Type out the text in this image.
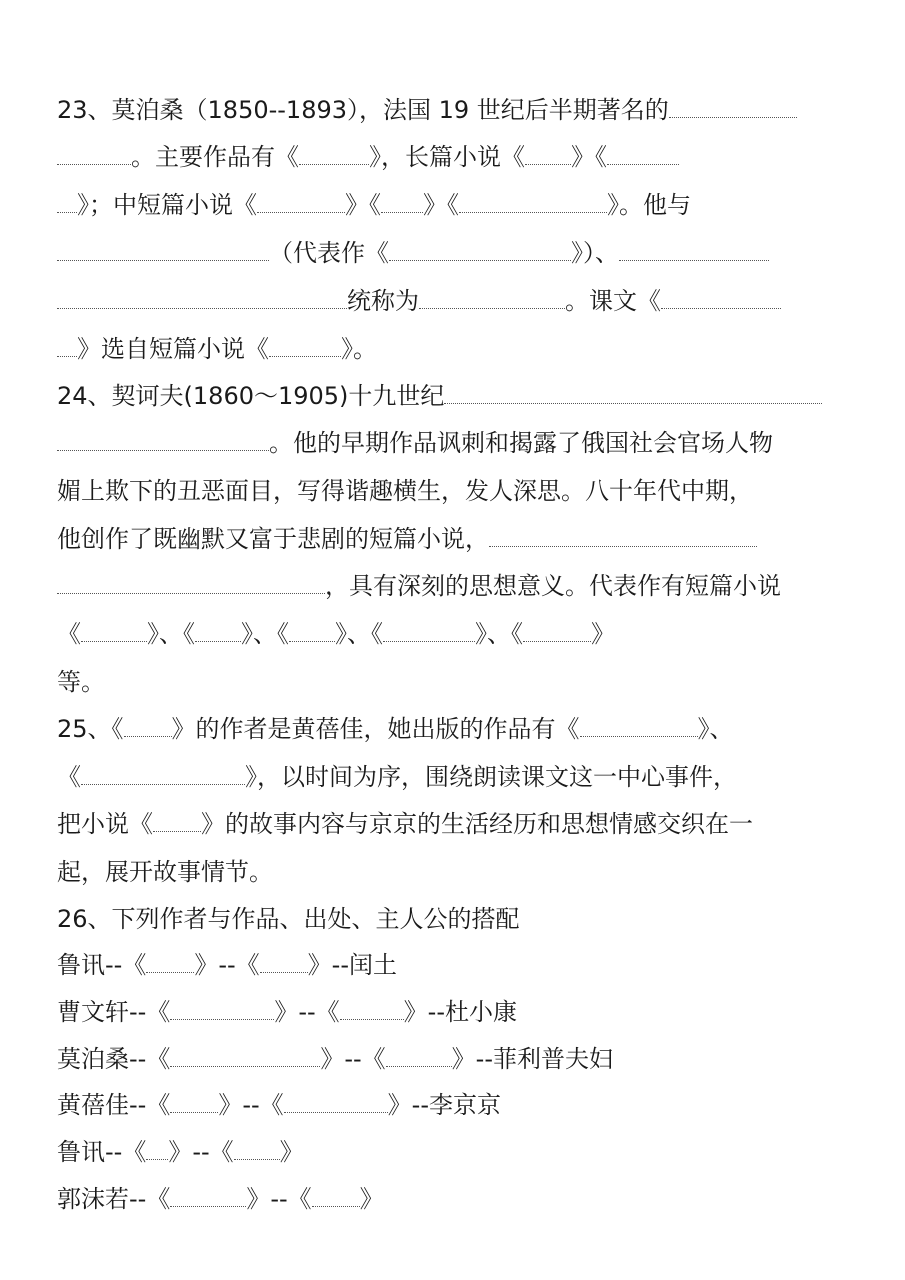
23、莫泊桑（1850--1893），法国 19 世纪后半期著名的
。主要作品有《	》，长篇小说《 》《
》；中短篇小说《	》《 》《	》。他与
（代表作《	》）、
统称为	。课文《
》选自短篇小说《	》。
24、契诃夫(1860～1905)十九世纪
。他的早期作品讽刺和揭露了俄国社会官场人物
媚上欺下的丑恶面目，写得谐趣横生，发人深思。八十年代中期，
他创作了既幽默又富于悲剧的短篇小说，
，具有深刻的思想意义。代表作有短篇小说
《	》、《 》、《 》、《	》、《	》
等。
25、《 》的作者是黄蓓佳，她出版的作品有《	》、
《	》，以时间为序，围绕朗读课文这一中心事件，
把小说《 》的故事内容与京京的生活经历和思想情感交织在一
起，展开故事情节。
26、下列作者与作品、出处、主人公的搭配
鲁讯--《 》--《 》--闰土
曹文轩--《	》--《	》--杜小康
莫泊桑--《	》--《	》--菲利普夫妇
黄蓓佳--《 》--《	》--李京京
鲁讯--《 》--《 》
郭沫若--《	》--《 》
